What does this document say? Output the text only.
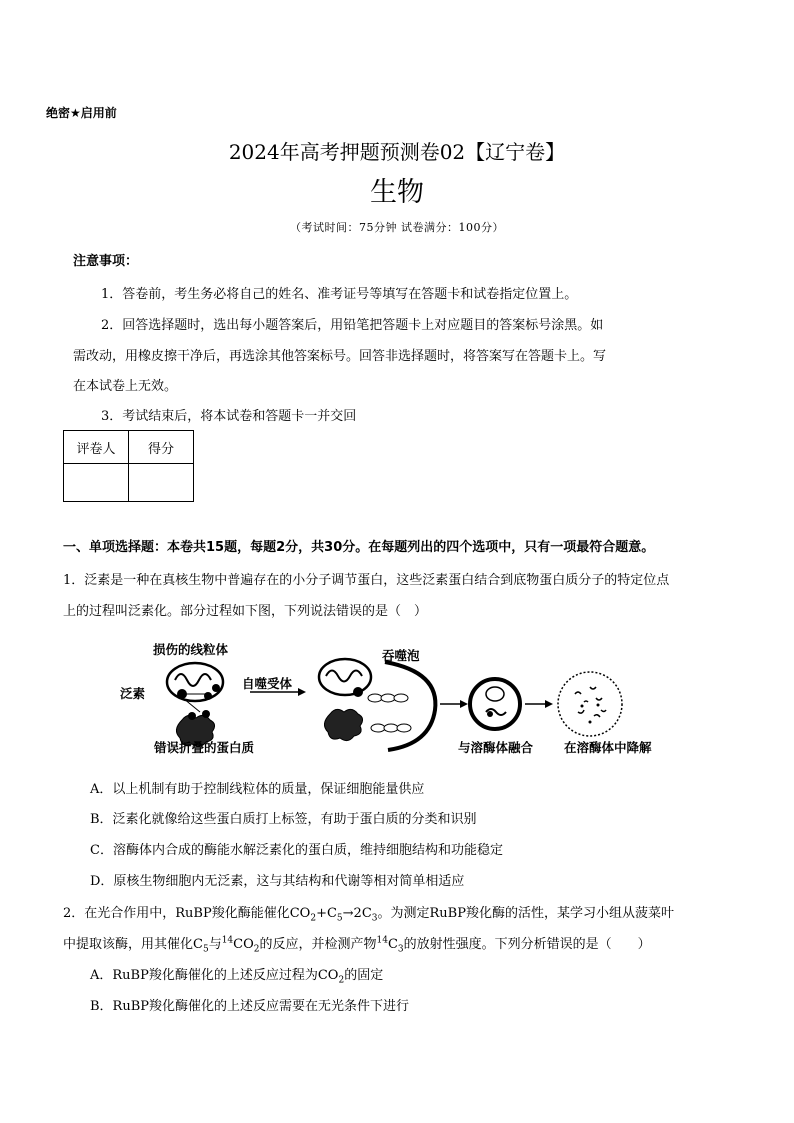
绝密★启用前
2024年高考押题预测卷02【辽宁卷】
生物
（考试时间：75分钟 试卷满分：100分）
注意事项：
1．答卷前，考生务必将自己的姓名、准考证号等填写在答题卡和试卷指定位置上。
2．回答选择题时，选出每小题答案后，用铅笔把答题卡上对应题目的答案标号涂黑。如
需改动，用橡皮擦干净后，再选涂其他答案标号。回答非选择题时，将答案写在答题卡上。写
在本试卷上无效。
3．考试结束后，将本试卷和答题卡一并交回
评卷人	得分

一、单项选择题：本卷共15题，每题2分，共30分。在每题列出的四个选项中，只有一项最符合题意。
1．泛素是一种在真核生物中普遍存在的小分子调节蛋白，这些泛素蛋白结合到底物蛋白质分子的特定位点
上的过程叫泛素化。部分过程如下图，下列说法错误的是（　）
损伤的线粒体
泛素
自噬受体
吞噬泡
错误折叠的蛋白质	与溶酶体融合 在溶酶体中降解
A．以上机制有助于控制线粒体的质量，保证细胞能量供应
B．泛素化就像给这些蛋白质打上标签，有助于蛋白质的分类和识别
C．溶酶体内合成的酶能水解泛素化的蛋白质，维持细胞结构和功能稳定
D．原核生物细胞内无泛素，这与其结构和代谢等相对简单相适应
2．在光合作用中，RuBP羧化酶能催化$CO_2+C_5\to 2C_3$。为测定RuBP羧化酶的活性，某学习小组从菠菜叶
中提取该酶，用其催化$C_5$与$^{14}CO_2$的反应，并检测产物$^{14}C_3$的放射性强度。下列分析错误的是（　　）
A．RuBP羧化酶催化的上述反应过程为$CO_2$的固定
B．RuBP羧化酶催化的上述反应需要在无光条件下进行
